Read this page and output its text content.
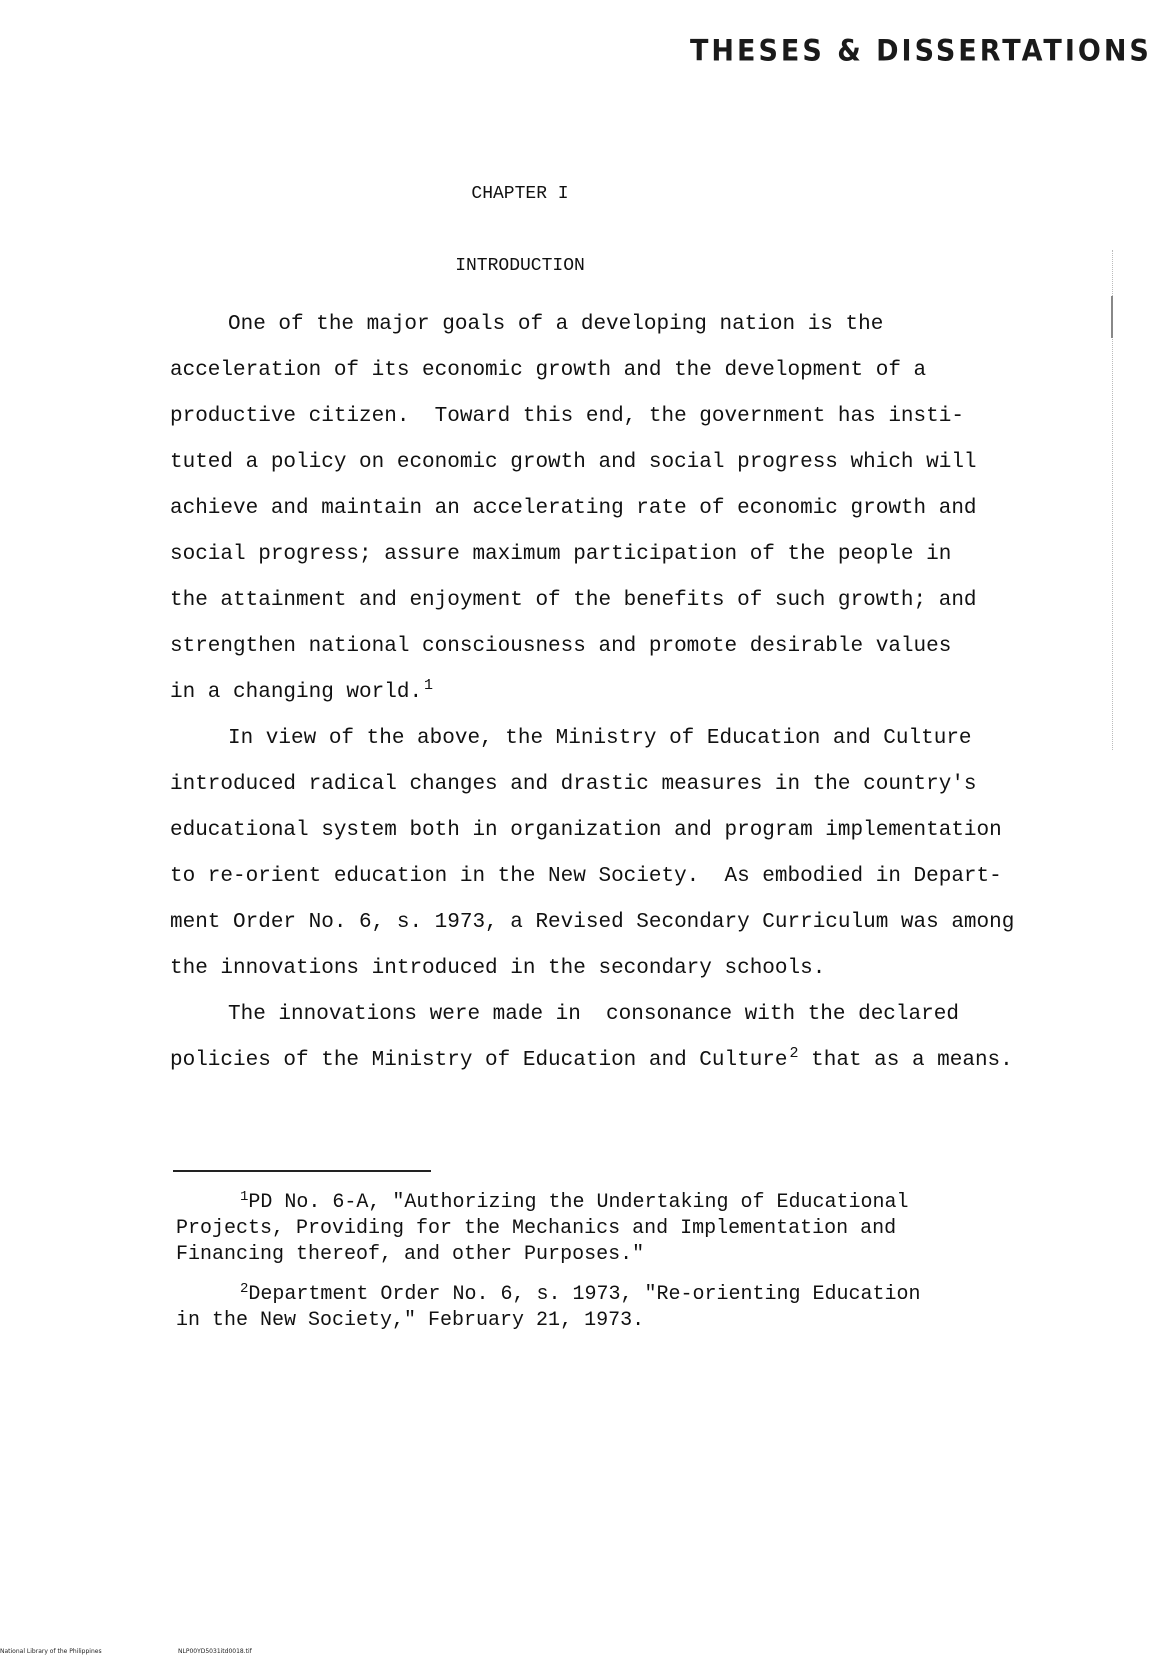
THESES & DISSERTATIONS
CHAPTER I
INTRODUCTION
One of the major goals of a developing nation is the
acceleration of its economic growth and the development of a
productive citizen.  Toward this end, the government has insti-
tuted a policy on economic growth and social progress which will
achieve and maintain an accelerating rate of economic growth and
social progress; assure maximum participation of the people in
the attainment and enjoyment of the benefits of such growth; and
strengthen national consciousness and promote desirable values
in a changing world. $^1$
In view of the above, the Ministry of Education and Culture
introduced radical changes and drastic measures in the country's
educational system both in organization and program implementation
to re-orient education in the New Society.  As embodied in Depart-
ment Order No. 6, s. 1973, a Revised Secondary Curriculum was among
the innovations introduced in the secondary schools.
The innovations were made in  consonance with the declared
policies of the Ministry of Education and Culture $^2$ that as a means.
$^1$PD No. 6-A, "Authorizing the Undertaking of Educational
Projects, Providing for the Mechanics and Implementation and
Financing thereof, and other Purposes."
$^2$Department Order No. 6, s. 1973, "Re-orienting Education
in the New Society," February 21, 1973.
National Library of the Philippines	NLP00YD5031itd0018.tif
